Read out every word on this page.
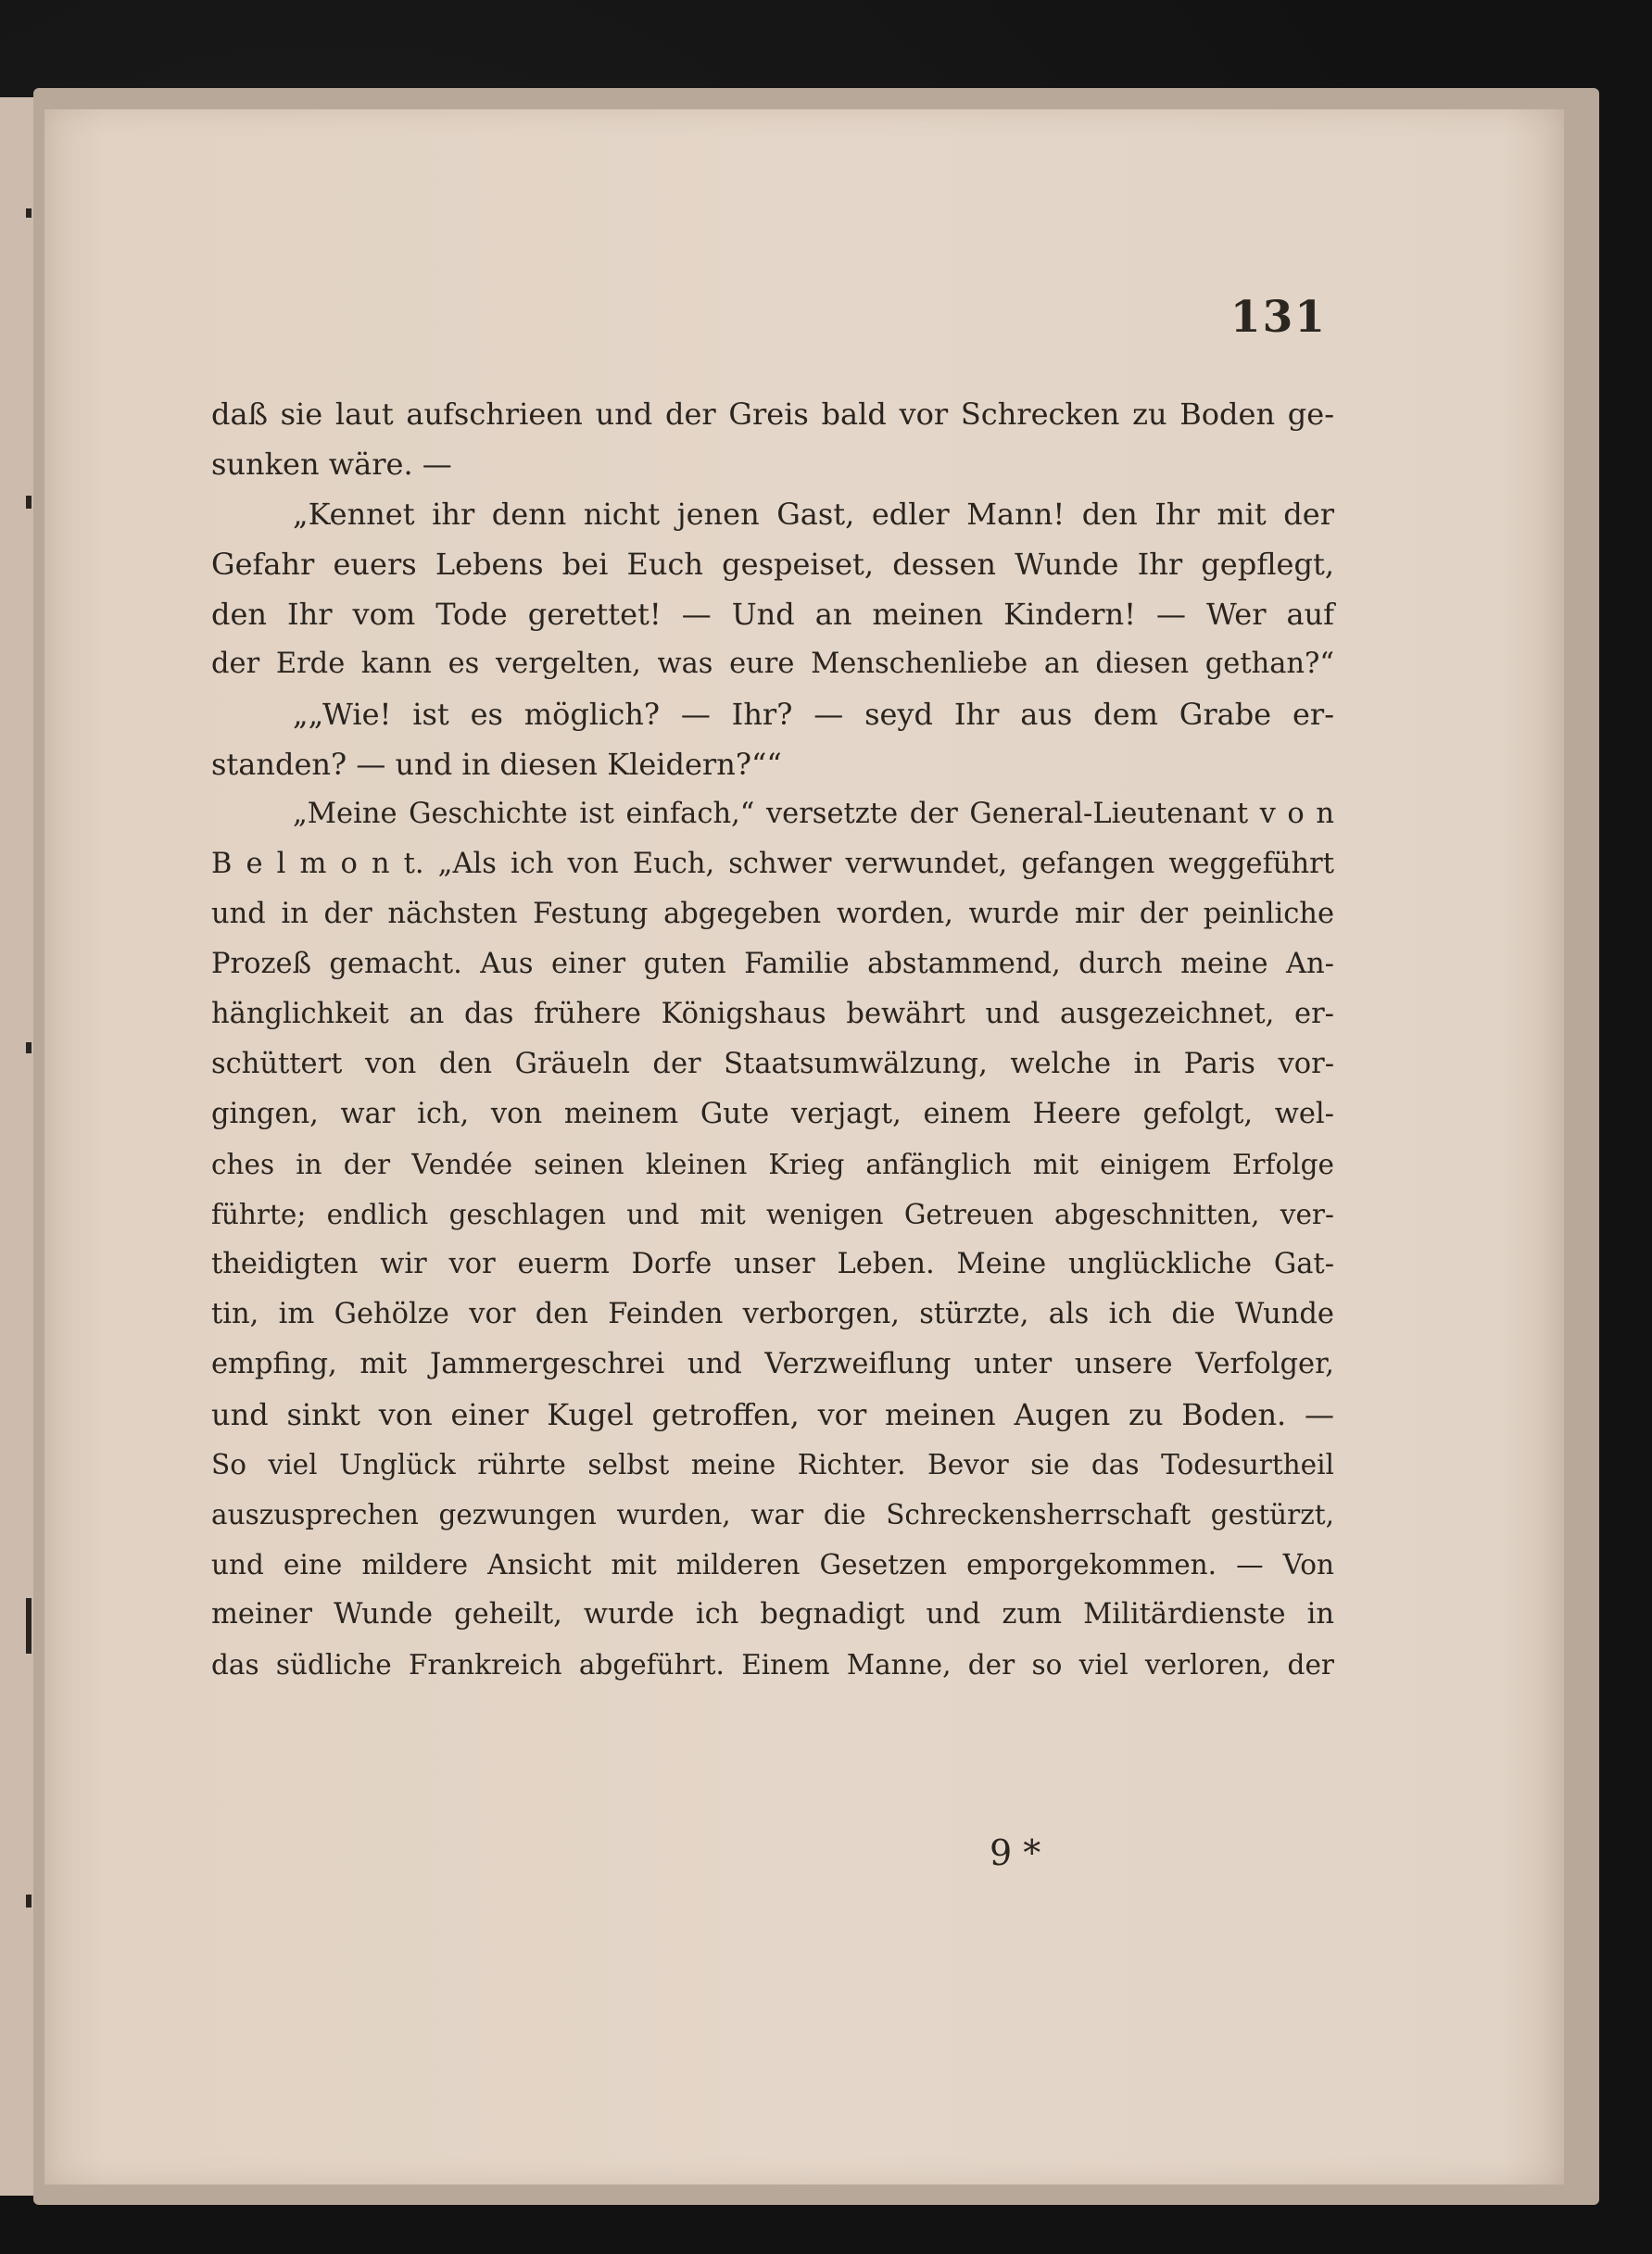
131
daß sie laut aufschrieen und der Greis bald vor Schrecken zu Boden ge-
sunken wäre. —
„Kennet ihr denn nicht jenen Gast, edler Mann! den Ihr mit der
Gefahr euers Lebens bei Euch gespeiset, dessen Wunde Ihr gepflegt,
den Ihr vom Tode gerettet! — Und an meinen Kindern! — Wer auf
der Erde kann es vergelten, was eure Menschenliebe an diesen gethan?“
„„Wie! ist es möglich? — Ihr? — seyd Ihr aus dem Grabe er-
standen? — und in diesen Kleidern?““
„Meine Geschichte ist einfach,“ versetzte der General-Lieutenant v o n
B e l m o n t. „Als ich von Euch, schwer verwundet, gefangen weggeführt
und in der nächsten Festung abgegeben worden, wurde mir der peinliche
Prozeß gemacht. Aus einer guten Familie abstammend, durch meine An-
hänglichkeit an das frühere Königshaus bewährt und ausgezeichnet, er-
schüttert von den Gräueln der Staatsumwälzung, welche in Paris vor-
gingen, war ich, von meinem Gute verjagt, einem Heere gefolgt, wel-
ches in der Vendée seinen kleinen Krieg anfänglich mit einigem Erfolge
führte; endlich geschlagen und mit wenigen Getreuen abgeschnitten, ver-
theidigten wir vor euerm Dorfe unser Leben. Meine unglückliche Gat-
tin, im Gehölze vor den Feinden verborgen, stürzte, als ich die Wunde
empfing, mit Jammergeschrei und Verzweiflung unter unsere Verfolger,
und sinkt von einer Kugel getroffen, vor meinen Augen zu Boden. —
So viel Unglück rührte selbst meine Richter. Bevor sie das Todesurtheil
auszusprechen gezwungen wurden, war die Schreckensherrschaft gestürzt,
und eine mildere Ansicht mit milderen Gesetzen emporgekommen. — Von
meiner Wunde geheilt, wurde ich begnadigt und zum Militärdienste in
das südliche Frankreich abgeführt. Einem Manne, der so viel verloren, der
9 *
